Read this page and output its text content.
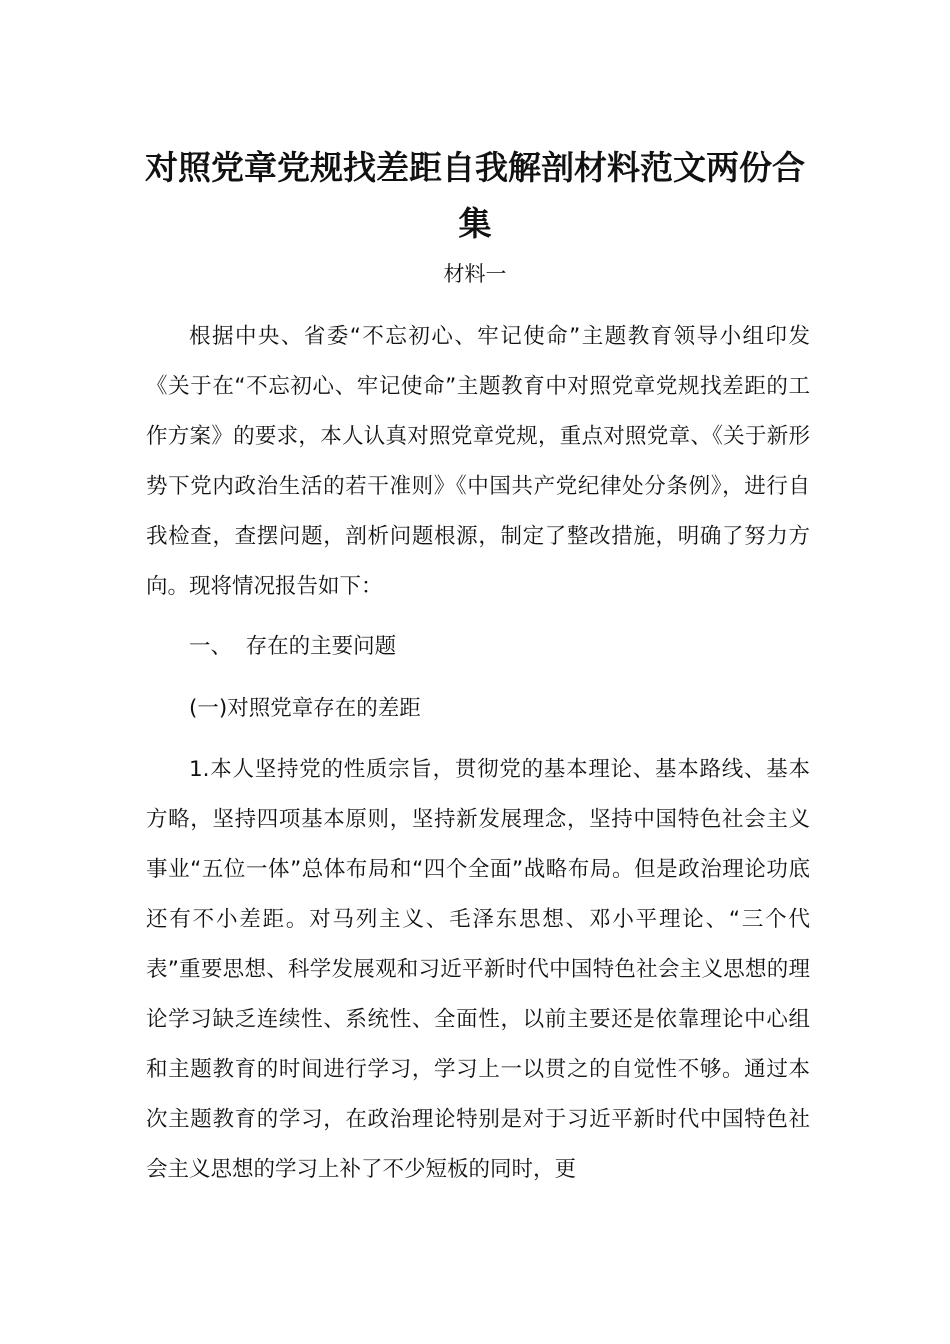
对照党章党规找差距自我解剖材料范文两份合集
材料一

根据中央、省委“不忘初心、牢记使命”主题教育领导小组印发《关于在“不忘初心、牢记使命”主题教育中对照党章党规找差距的工作方案》的要求，本人认真对照党章党规，重点对照党章、《关于新形势下党内政治生活的若干准则》《中国共产党纪律处分条例》，进行自我检查，查摆问题，剖析问题根源，制定了整改措施，明确了努力方向。现将情况报告如下：

一、  存在的主要问题

(一)对照党章存在的差距

1.本人坚持党的性质宗旨，贯彻党的基本理论、基本路线、基本方略，坚持四项基本原则，坚持新发展理念，坚持中国特色社会主义事业“五位一体”总体布局和“四个全面”战略布局。但是政治理论功底还有不小差距。对马列主义、毛泽东思想、邓小平理论、“三个代表”重要思想、科学发展观和习近平新时代中国特色社会主义思想的理论学习缺乏连续性、系统性、全面性，以前主要还是依靠理论中心组和主题教育的时间进行学习，学习上一以贯之的自觉性不够。通过本次主题教育的学习，在政治理论特别是对于习近平新时代中国特色社会主义思想的学习上补了不少短板的同时，更
